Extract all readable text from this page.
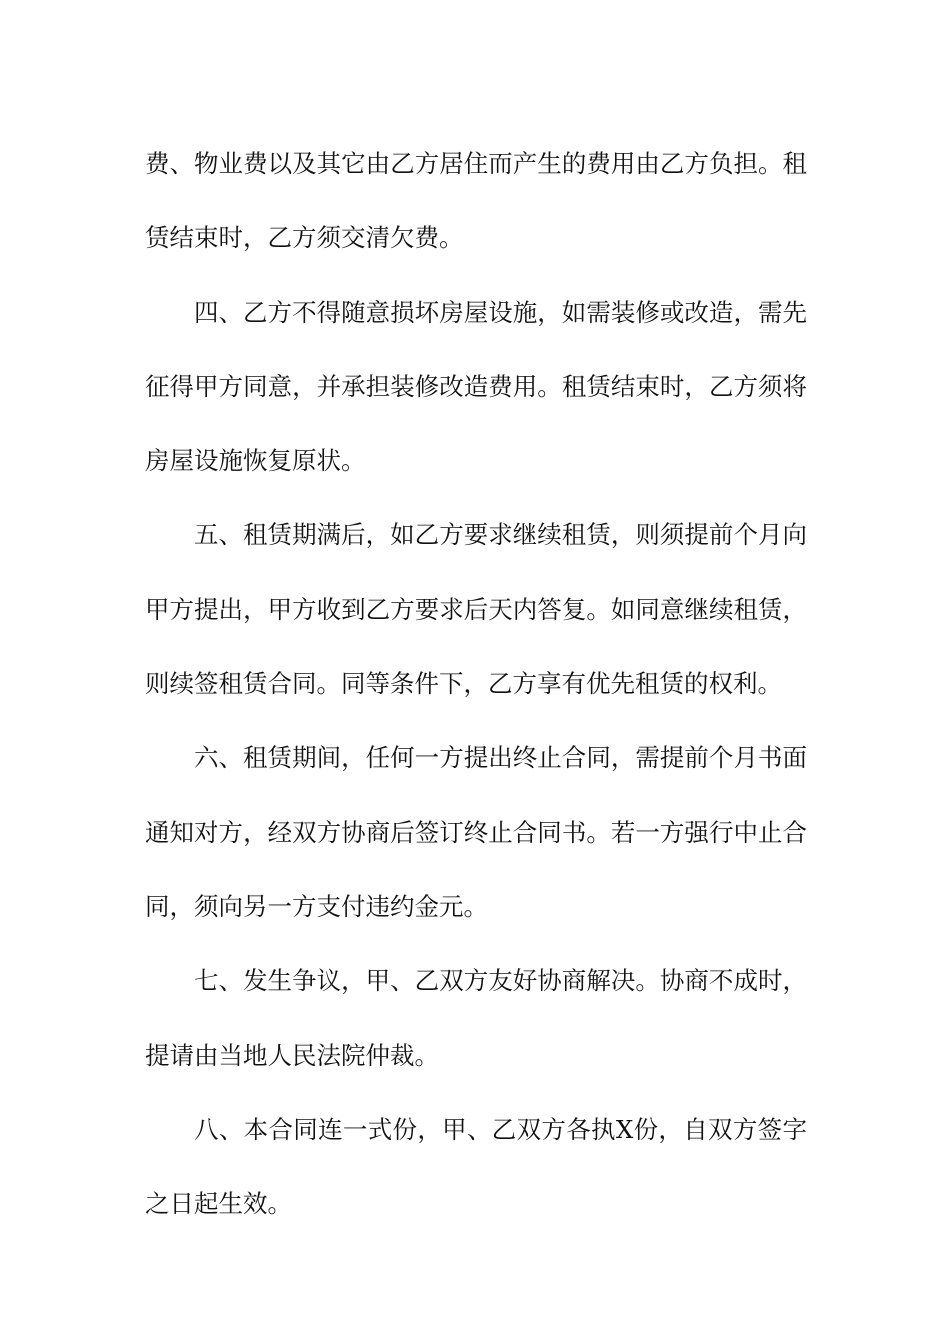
费、物业费以及其它由乙方居住而产生的费用由乙方负担。租赁结束时，乙方须交清欠费。

四、乙方不得随意损坏房屋设施，如需装修或改造，需先征得甲方同意，并承担装修改造费用。租赁结束时，乙方须将房屋设施恢复原状。

五、租赁期满后，如乙方要求继续租赁，则须提前个月向甲方提出，甲方收到乙方要求后天内答复。如同意继续租赁，则续签租赁合同。同等条件下，乙方享有优先租赁的权利。

六、租赁期间，任何一方提出终止合同，需提前个月书面通知对方，经双方协商后签订终止合同书。若一方强行中止合同，须向另一方支付违约金元。

七、发生争议，甲、乙双方友好协商解决。协商不成时，提请由当地人民法院仲裁。

八、本合同连一式份，甲、乙双方各执X份，自双方签字之日起生效。
